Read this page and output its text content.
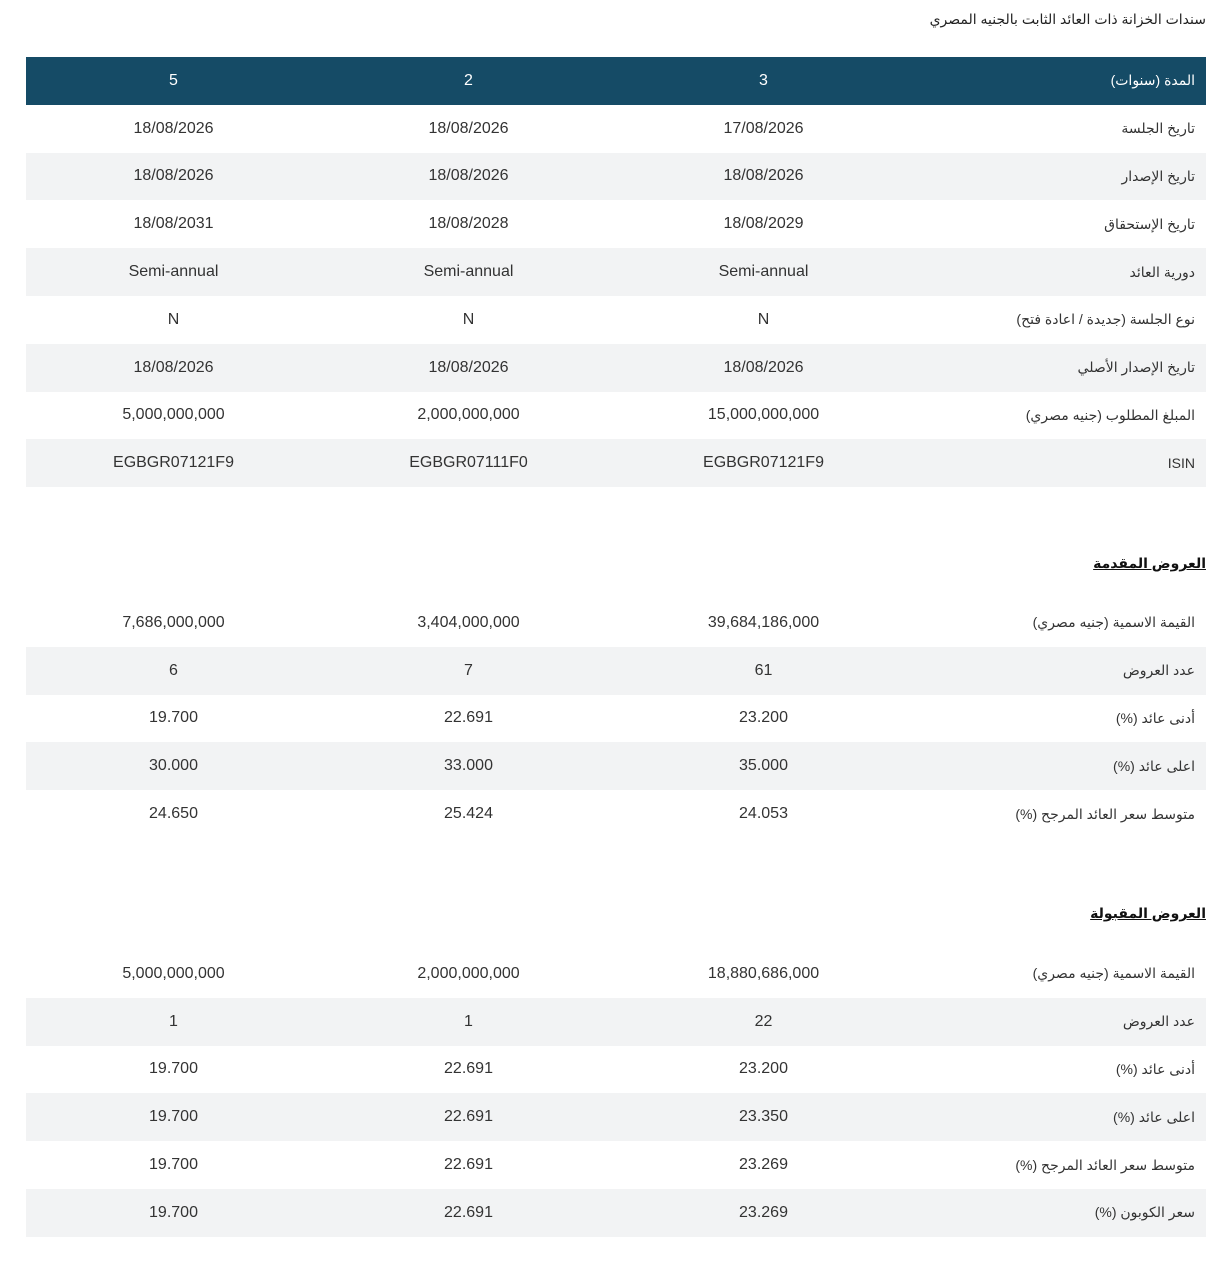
سندات الخزانة ذات العائد الثابت بالجنيه المصري
5	2	3	المدة (سنوات)
18/08/2026	18/08/2026	17/08/2026	تاريخ الجلسة
18/08/2026	18/08/2026	18/08/2026	تاريخ الإصدار
18/08/2031	18/08/2028	18/08/2029	تاريخ الإستحقاق
Semi-annual	Semi-annual	Semi-annual	دورية العائد
N	N	N	نوع الجلسة (جديدة / اعادة فتح)
18/08/2026	18/08/2026	18/08/2026	تاريخ الإصدار الأصلي
5,000,000,000	2,000,000,000	15,000,000,000	المبلغ المطلوب (جنيه مصري)
EGBGR07121F9	EGBGR07111F0	EGBGR07121F9	ISIN
العروض المقدمة
7,686,000,000	3,404,000,000	39,684,186,000	القيمة الاسمية (جنيه مصري)
6	7	61	عدد العروض
19.700	22.691	23.200	أدنى عائد (%)
30.000	33.000	35.000	اعلى عائد (%)
24.650	25.424	24.053	متوسط سعر العائد المرجح (%)
العروض المقبولة
5,000,000,000	2,000,000,000	18,880,686,000	القيمة الاسمية (جنيه مصري)
1	1	22	عدد العروض
19.700	22.691	23.200	أدنى عائد (%)
19.700	22.691	23.350	اعلى عائد (%)
19.700	22.691	23.269	متوسط سعر العائد المرجح (%)
19.700	22.691	23.269	سعر الكوبون (%)
